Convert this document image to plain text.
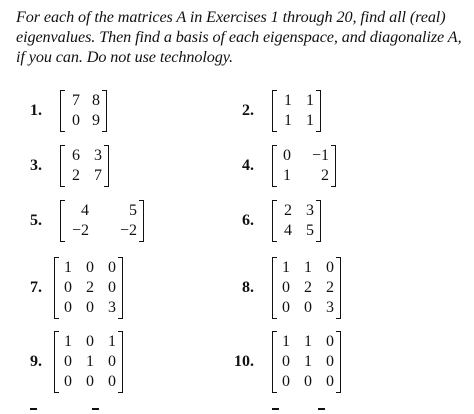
For each of the matrices A in Exercises 1 through 20, find all (real) eigenvalues. Then find a basis of each eigenspace, and diagonalize A, if you can. Do not use technology.

1.
7 8
0 9
2.
1 1
1 1
3.
6 3
2 7
4.
0	−1
1	2
5.
4	5
−2	−2
6.
2 3
4 5
7.
1 0 0
0 2 0
0 0 3
8.
1 1 0
0 2 2
0 0 3
9.
1 0 1
0 1 0
0 0 0
10.
1 1 0
0 1 0
0 0 0
